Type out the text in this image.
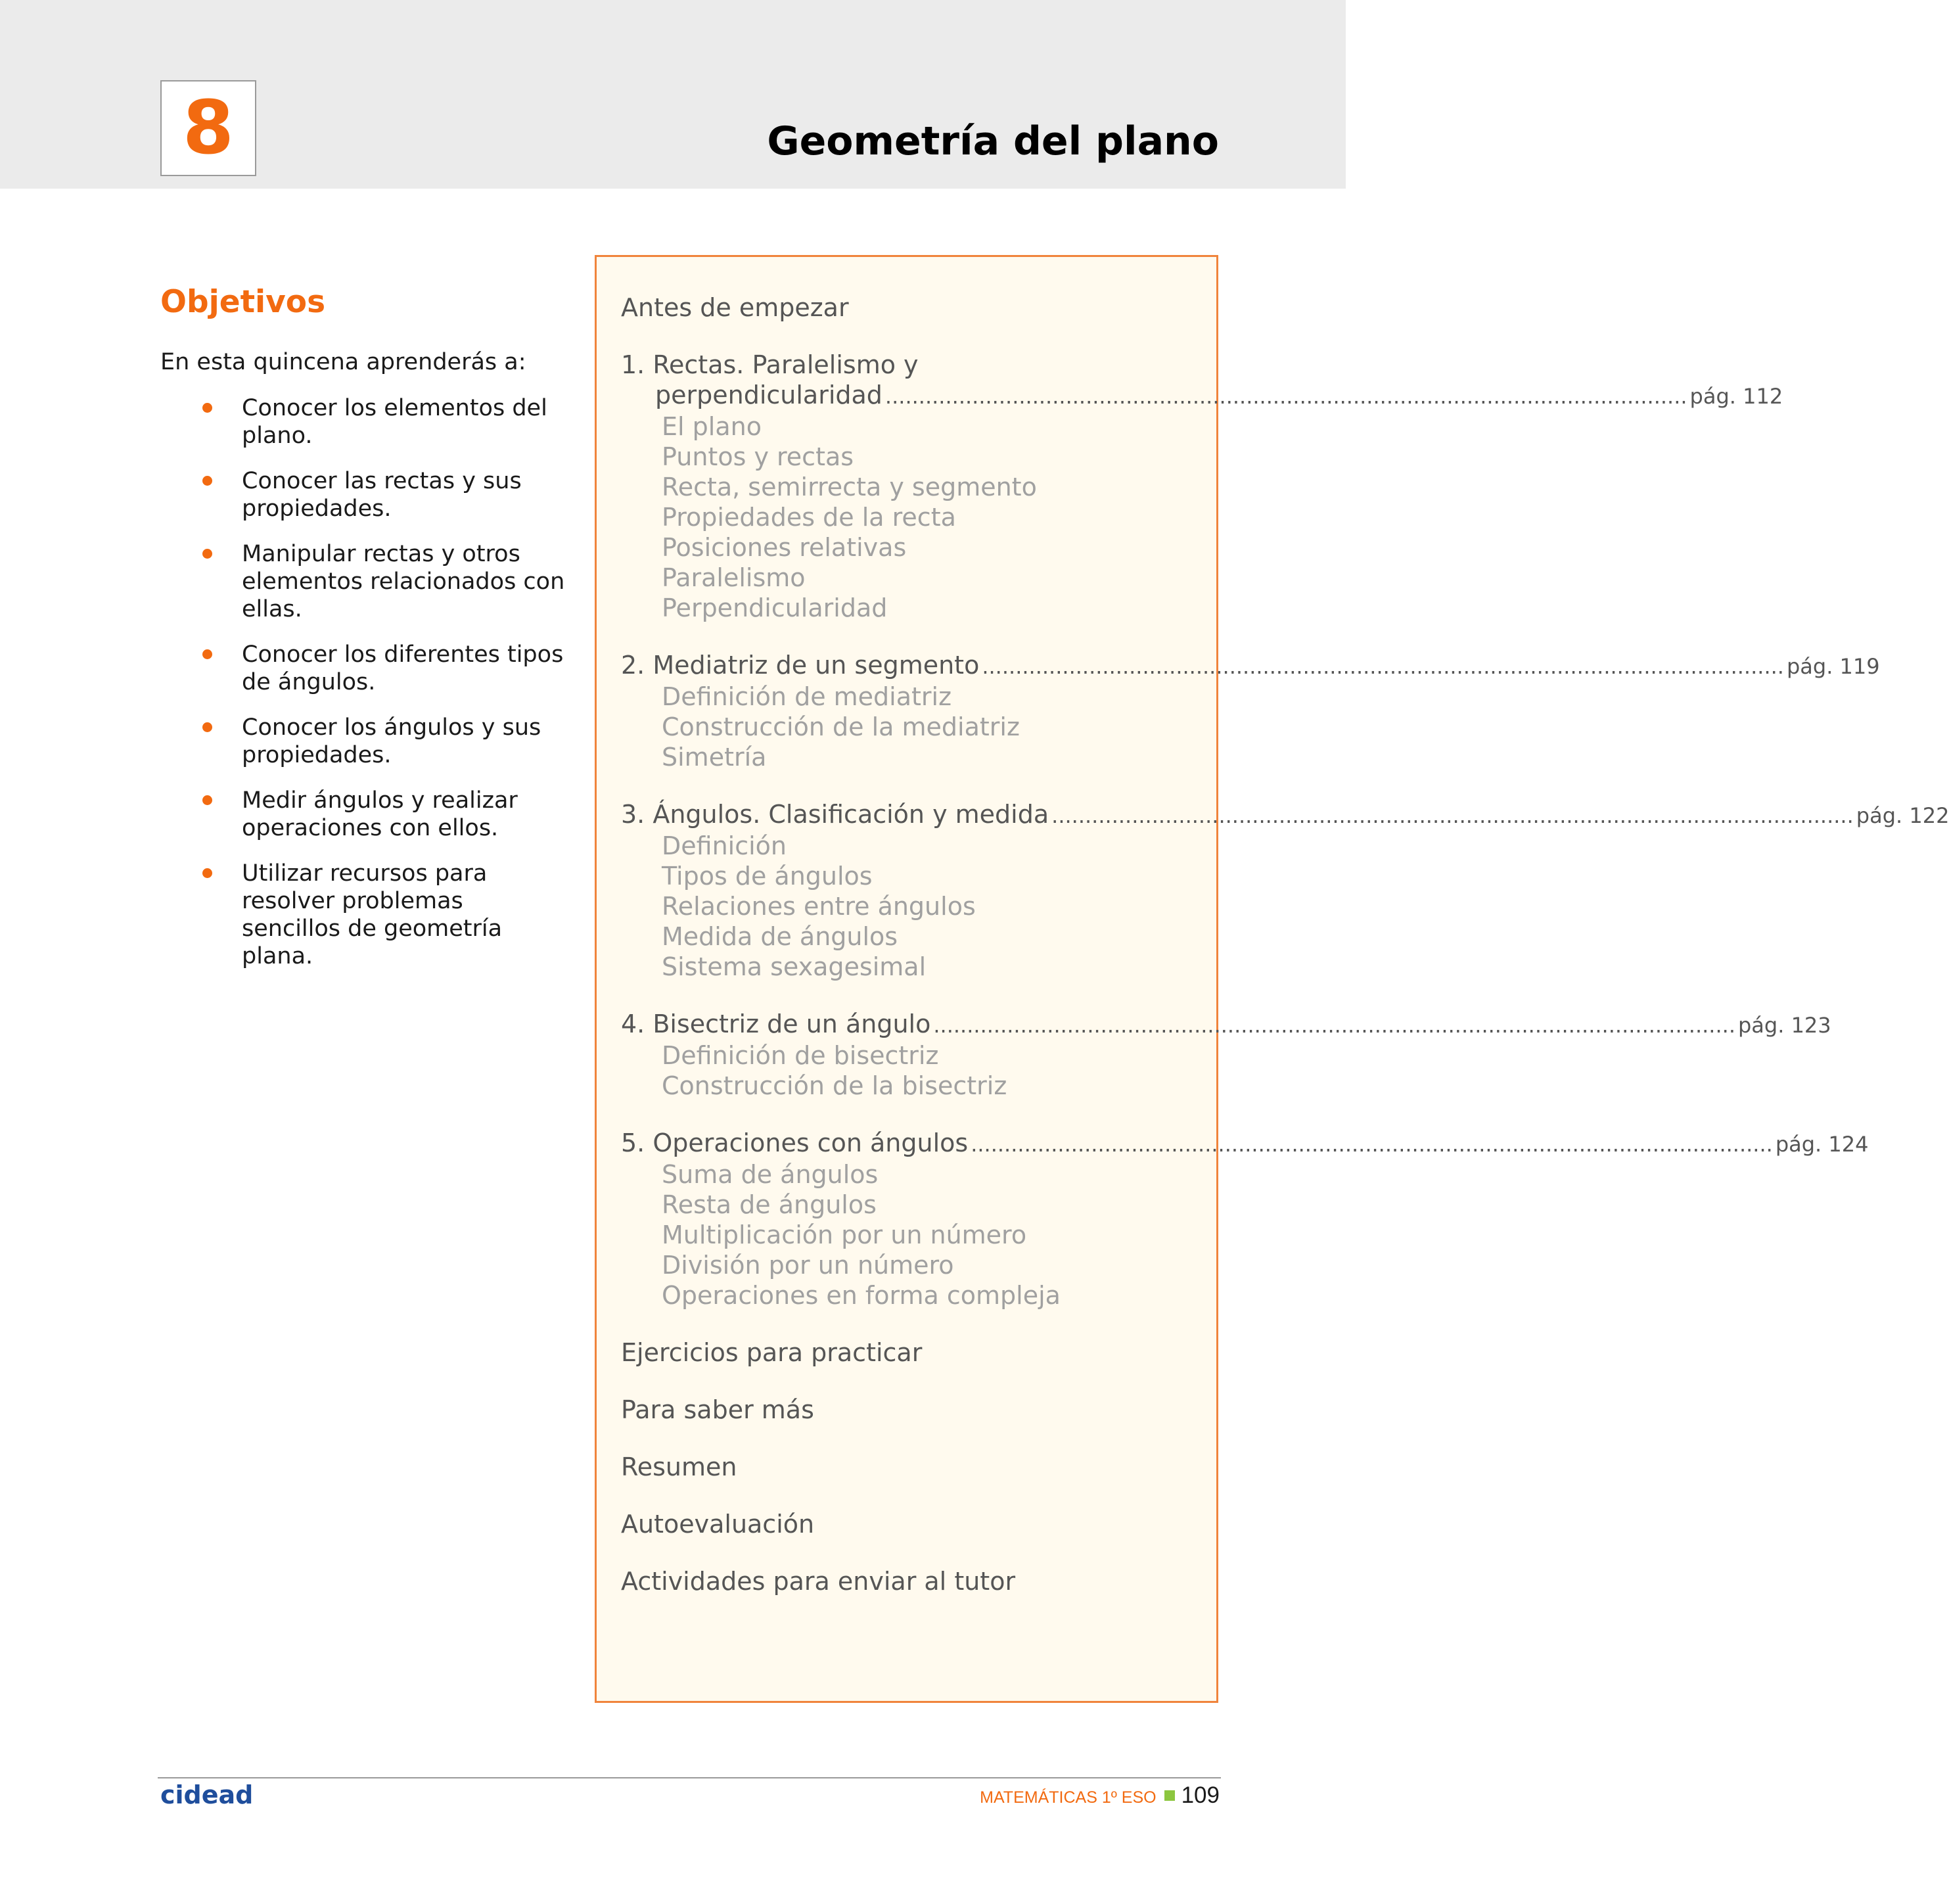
8	Geometría del plano
Objetivos
En esta quincena aprenderás a:
Conocer los elementos del plano.
Conocer las rectas y sus propiedades.
Manipular rectas y otros elementos relacionados con ellas.
Conocer los diferentes tipos de ángulos.
Conocer los ángulos y sus propiedades.
Medir ángulos y realizar operaciones con ellos.
Utilizar recursos para resolver problemas sencillos de geometría plana.
Antes de empezar
1. Rectas. Paralelismo y
perpendicularidad ........................................................................................................................ pág. 112
El plano
Puntos y rectas
Recta, semirrecta y segmento
Propiedades de la recta
Posiciones relativas
Paralelismo
Perpendicularidad
2. Mediatriz de un segmento ........................................................................................................................ pág. 119
Definición de mediatriz
Construcción de la mediatriz
Simetría
3. Ángulos. Clasificación y medida ........................................................................................................................ pág. 122
Definición
Tipos de ángulos
Relaciones entre ángulos
Medida de ángulos
Sistema sexagesimal
4. Bisectriz de un ángulo ........................................................................................................................ pág. 123
Definición de bisectriz
Construcción de la bisectriz
5. Operaciones con ángulos ........................................................................................................................ pág. 124
Suma de ángulos
Resta de ángulos
Multiplicación por un número
División por un número
Operaciones en forma compleja
Ejercicios para practicar
Para saber más
Resumen
Autoevaluación
Actividades para enviar al tutor
cidead	MATEMÁTICAS 1º ESO 109
